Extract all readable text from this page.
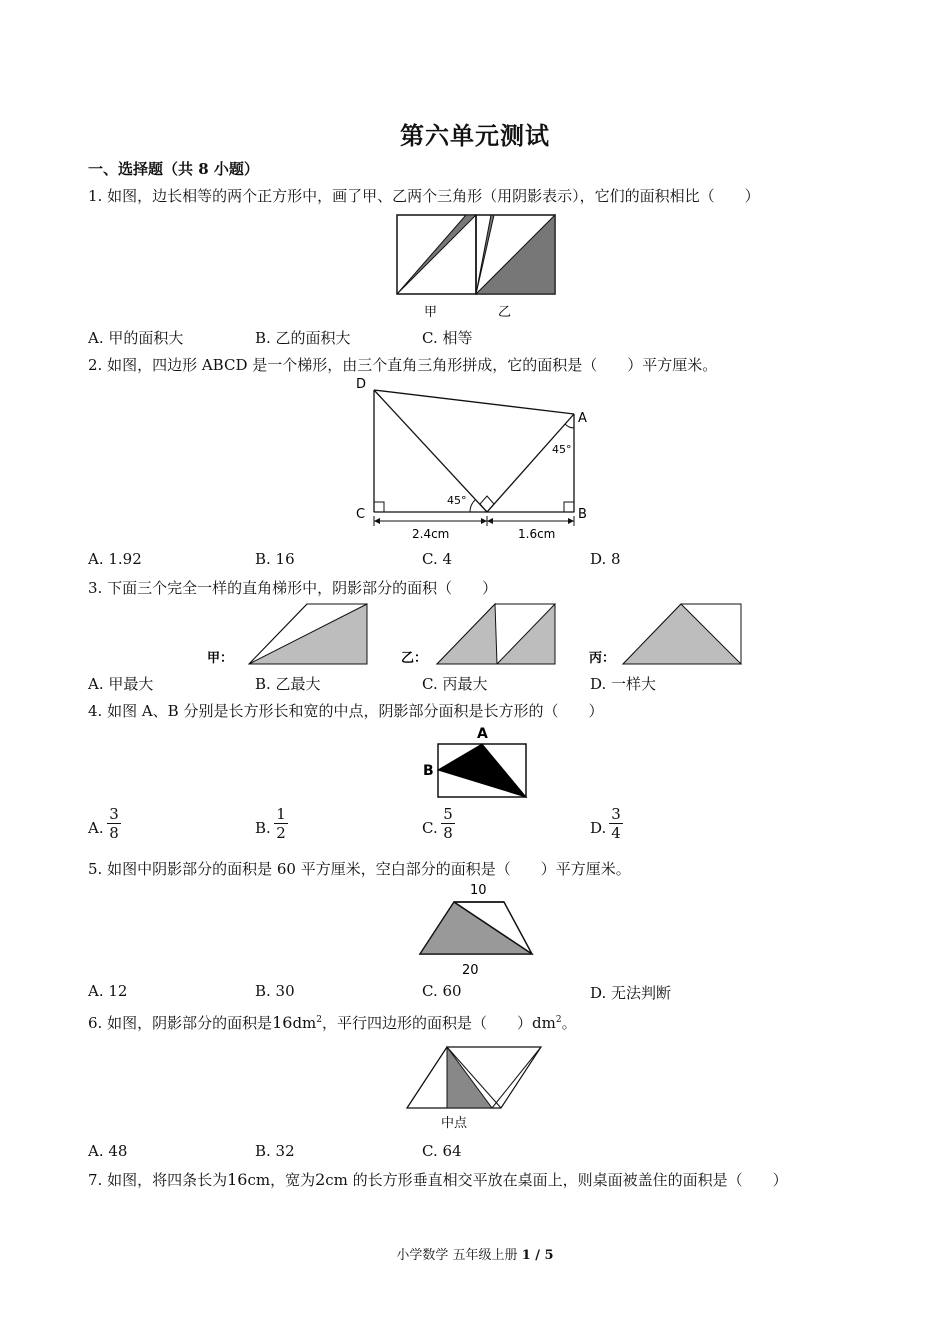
第六单元测试
一、选择题（共 8 小题）
1. 如图，边长相等的两个正方形中，画了甲、乙两个三角形（用阴影表示），它们的面积相比（　　）
甲	乙
A. 甲的面积大	B. 乙的面积大	C. 相等
2. 如图，四边形 ABCD 是一个梯形，由三个直角三角形拼成，它的面积是（　　）平方厘米。
D
A
C	B
45°
45°
2.4cm	1.6cm
A. 1.92	B. 16	C. 4	D. 8
3. 下面三个完全一样的直角梯形中，阴影部分的面积（　　）
甲：	乙：	丙：
A. 甲最大	B. 乙最大	C. 丙最大	D. 一样大
4. 如图 A、B 分别是长方形长和宽的中点，阴影部分面积是长方形的（　　）
A
B
A.
3
8	B.
1
2	C.
5
8	D.
3
4
5. 如图中阴影部分的面积是 60 平方厘米，空白部分的面积是（　　）平方厘米。
10
20
A. 12	B. 30	C. 60	D. 无法判断
6. 如图，阴影部分的面积是$16dm^2$，平行四边形的面积是（　　）$dm^2$。
中点
A. 48	B. 32	C. 64
7. 如图，将四条长为16cm，宽为2cm 的长方形垂直相交平放在桌面上，则桌面被盖住的面积是（　　）
小学数学 五年级上册 1 / 5
